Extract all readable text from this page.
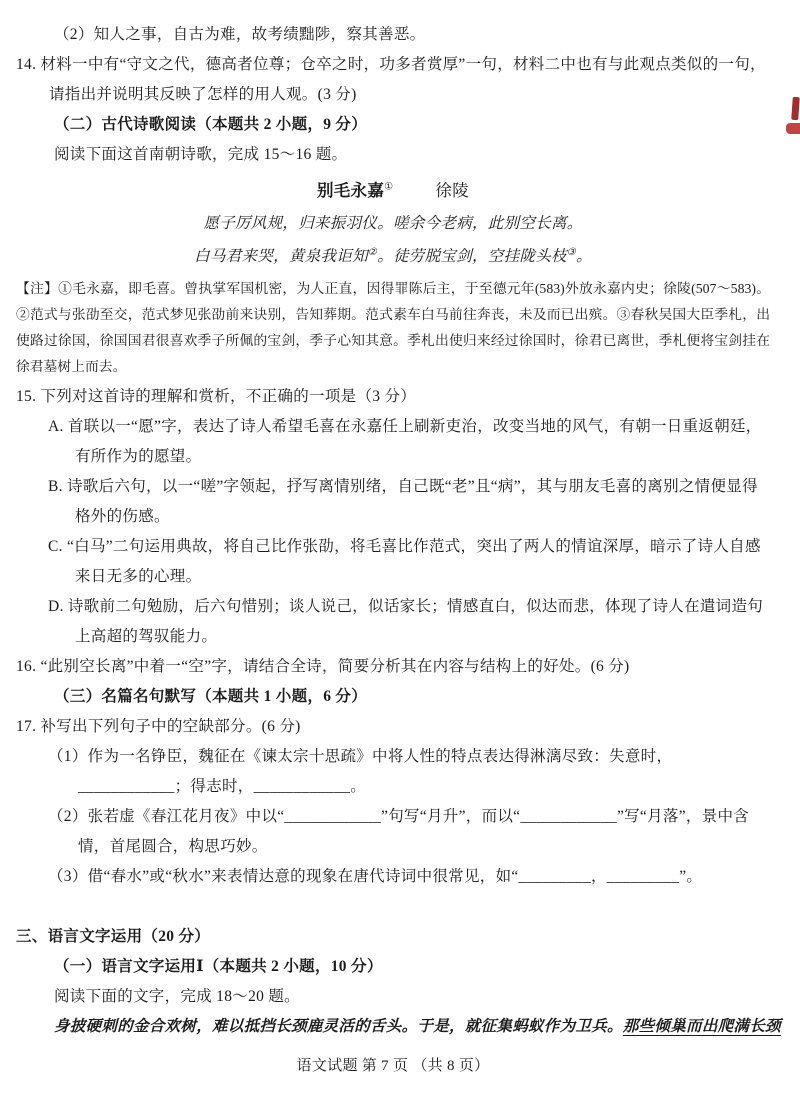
（2）知人之事，自古为难，故考绩黜陟，察其善恶。
14. 材料一中有“守文之代，德高者位尊；仓卒之时，功多者赏厚”一句，材料二中也有与此观点类似的一句，请指出并说明其反映了怎样的用人观。(3 分)
（二）古代诗歌阅读（本题共 2 小题，9 分）
阅读下面这首南朝诗歌，完成 15～16 题。
别毛永嘉①	徐陵
愿子厉风规，归来振羽仪。嗟余今老病，此别空长离。
白马君来哭，黄泉我讵知②。徒劳脱宝剑，空挂陇头枝③。
【注】①毛永嘉，即毛喜。曾执掌军国机密，为人正直，因得罪陈后主，于至德元年(583)外放永嘉内史；徐陵(507～583)。②范式与张劭至交，范式梦见张劭前来诀别，告知葬期。范式素车白马前往奔丧，未及而已出殡。③春秋吴国大臣季札，出使路过徐国，徐国国君很喜欢季子所佩的宝剑，季子心知其意。季札出使归来经过徐国时，徐君已离世，季札便将宝剑挂在徐君墓树上而去。
15. 下列对这首诗的理解和赏析，不正确的一项是（3 分）
A. 首联以一“愿”字，表达了诗人希望毛喜在永嘉任上刷新吏治，改变当地的风气，有朝一日重返朝廷，有所作为的愿望。
B. 诗歌后六句，以一“嗟”字领起，抒写离情别绪，自己既“老”且“病”，其与朋友毛喜的离别之情便显得格外的伤感。
C. “白马”二句运用典故，将自己比作张劭，将毛喜比作范式，突出了两人的情谊深厚，暗示了诗人自感来日无多的心理。
D. 诗歌前二句勉励，后六句惜别；谈人说己，似话家长；情感直白，似达而悲，体现了诗人在遣词造句上高超的驾驭能力。
16. “此别空长离”中着一“空”字，请结合全诗，简要分析其在内容与结构上的好处。(6 分)
（三）名篇名句默写（本题共 1 小题，6 分）
17. 补写出下列句子中的空缺部分。(6 分)
（1）作为一名铮臣，魏征在《谏太宗十思疏》中将人性的特点表达得淋漓尽致：失意时，____________；得志时，____________。
（2）张若虚《春江花月夜》中以“____________”句写“月升”，而以“____________”写“月落”，景中含情，首尾圆合，构思巧妙。
（3）借“春水”或“秋水”来表情达意的现象在唐代诗词中很常见，如“_________，_________”。
三、语言文字运用（20 分）
（一）语言文字运用Ⅰ（本题共 2 小题，10 分）
阅读下面的文字，完成 18～20 题。
身披硬刺的金合欢树，难以抵挡长颈鹿灵活的舌头。于是，就征集蚂蚁作为卫兵。那些倾巢而出爬满长颈
语文试题 第 7 页 （共 8 页）
